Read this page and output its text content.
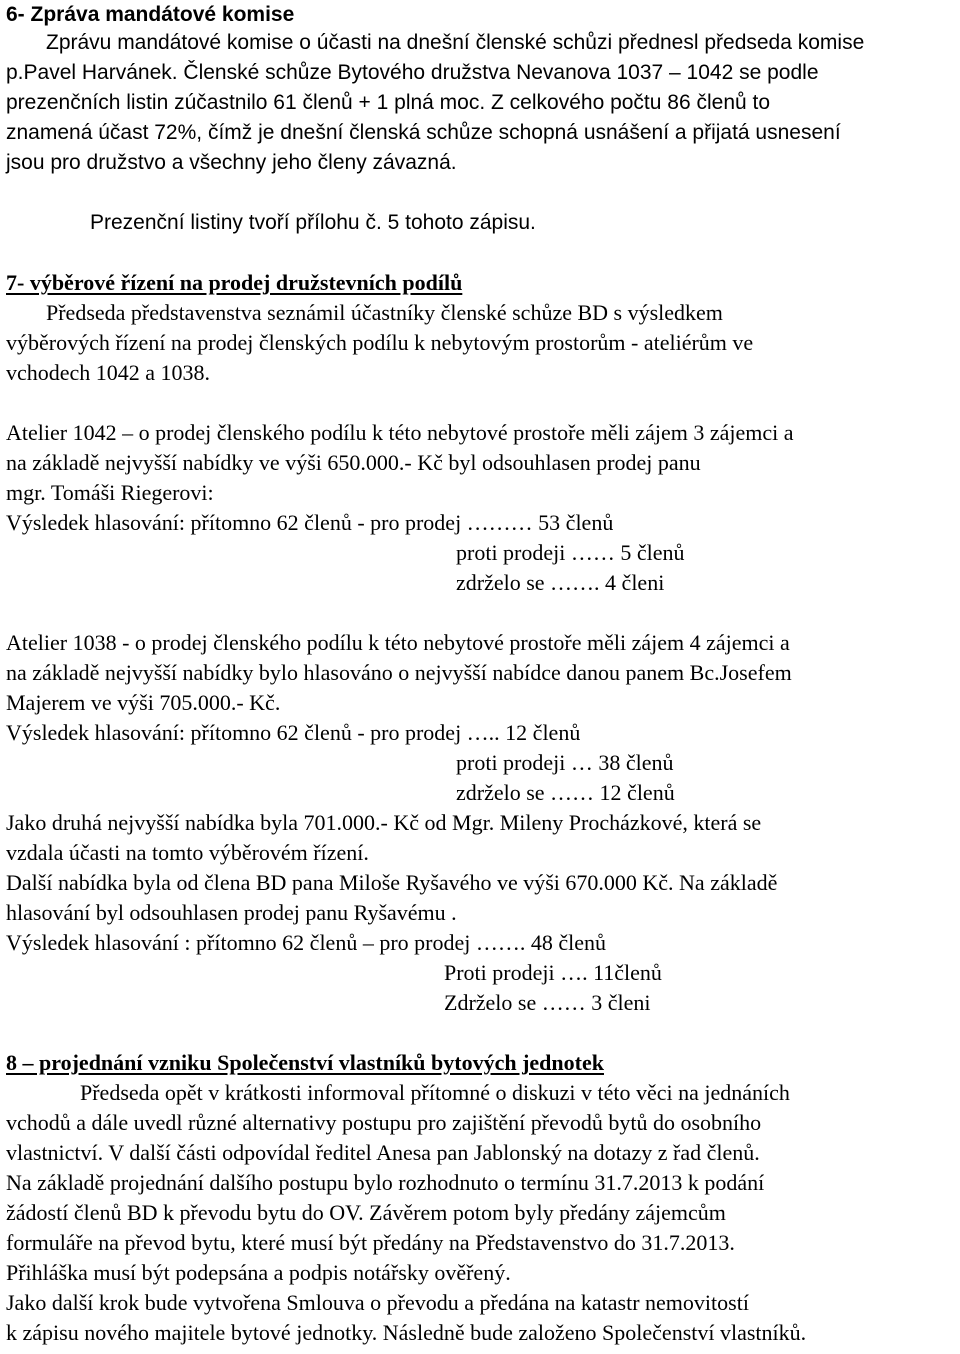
6- Zpráva mandátové komise
Zprávu mandátové komise o účasti na dnešní členské schůzi přednesl předseda komise
p.Pavel Harvánek. Členské schůze Bytového družstva Nevanova 1037 – 1042 se podle
prezenčních listin zúčastnilo 61 členů + 1 plná moc. Z celkového počtu 86 členů to
znamená účast 72%, čímž je dnešní členská schůze schopná usnášení a přijatá usnesení
jsou pro družstvo a všechny jeho členy závazná.
Prezenční listiny tvoří přílohu č. 5 tohoto zápisu.
7- výběrové řízení na prodej družstevních podílů
Předseda představenstva seznámil účastníky členské schůze BD s výsledkem
výběrových řízení na prodej členských podílu k nebytovým prostorům - ateliérům ve
vchodech 1042 a 1038.
Atelier 1042 – o prodej členského podílu k této nebytové prostoře měli zájem 3 zájemci a
na základě nejvyšší nabídky ve výši 650.000.- Kč byl odsouhlasen prodej panu
mgr. Tomáši Riegerovi:
Výsledek hlasování: přítomno 62 členů - pro prodej ……… 53 členů
proti prodeji …… 5 členů
zdrželo se ……. 4 členi
Atelier 1038 - o prodej členského podílu k této nebytové prostoře měli zájem 4 zájemci a
na základě nejvyšší nabídky bylo hlasováno o nejvyšší nabídce danou panem Bc.Josefem
Majerem ve výši 705.000.- Kč.
Výsledek hlasování: přítomno 62 členů - pro prodej ….. 12 členů
proti prodeji … 38 členů
zdrželo se …… 12 členů
Jako druhá nejvyšší nabídka byla 701.000.- Kč od Mgr. Mileny Procházkové, která se
vzdala účasti na tomto výběrovém řízení.
Další nabídka byla od člena BD pana Miloše Ryšavého ve výši 670.000 Kč. Na základě
hlasování byl odsouhlasen prodej panu Ryšavému .
Výsledek hlasování : přítomno 62 členů – pro prodej ……. 48 členů
Proti prodeji …. 11členů
Zdrželo se …… 3 členi
8 – projednání vzniku Společenství vlastníků bytových jednotek
Předseda opět v krátkosti informoval přítomné o diskuzi v této věci na jednáních
vchodů a dále uvedl různé alternativy postupu pro zajištění převodů bytů do osobního
vlastnictví. V další části odpovídal ředitel Anesa pan Jablonský na dotazy z řad členů.
Na základě projednání dalšího postupu bylo rozhodnuto o termínu 31.7.2013 k podání
žádostí členů BD k převodu bytu do OV. Závěrem potom byly předány zájemcům
formuláře na převod bytu, které musí být předány na Představenstvo do 31.7.2013.
Přihláška musí být podepsána a podpis notářsky ověřený.
Jako další krok bude vytvořena Smlouva o převodu a předána na katastr nemovitostí
k zápisu nového majitele bytové jednotky. Následně bude založeno Společenství vlastníků.
